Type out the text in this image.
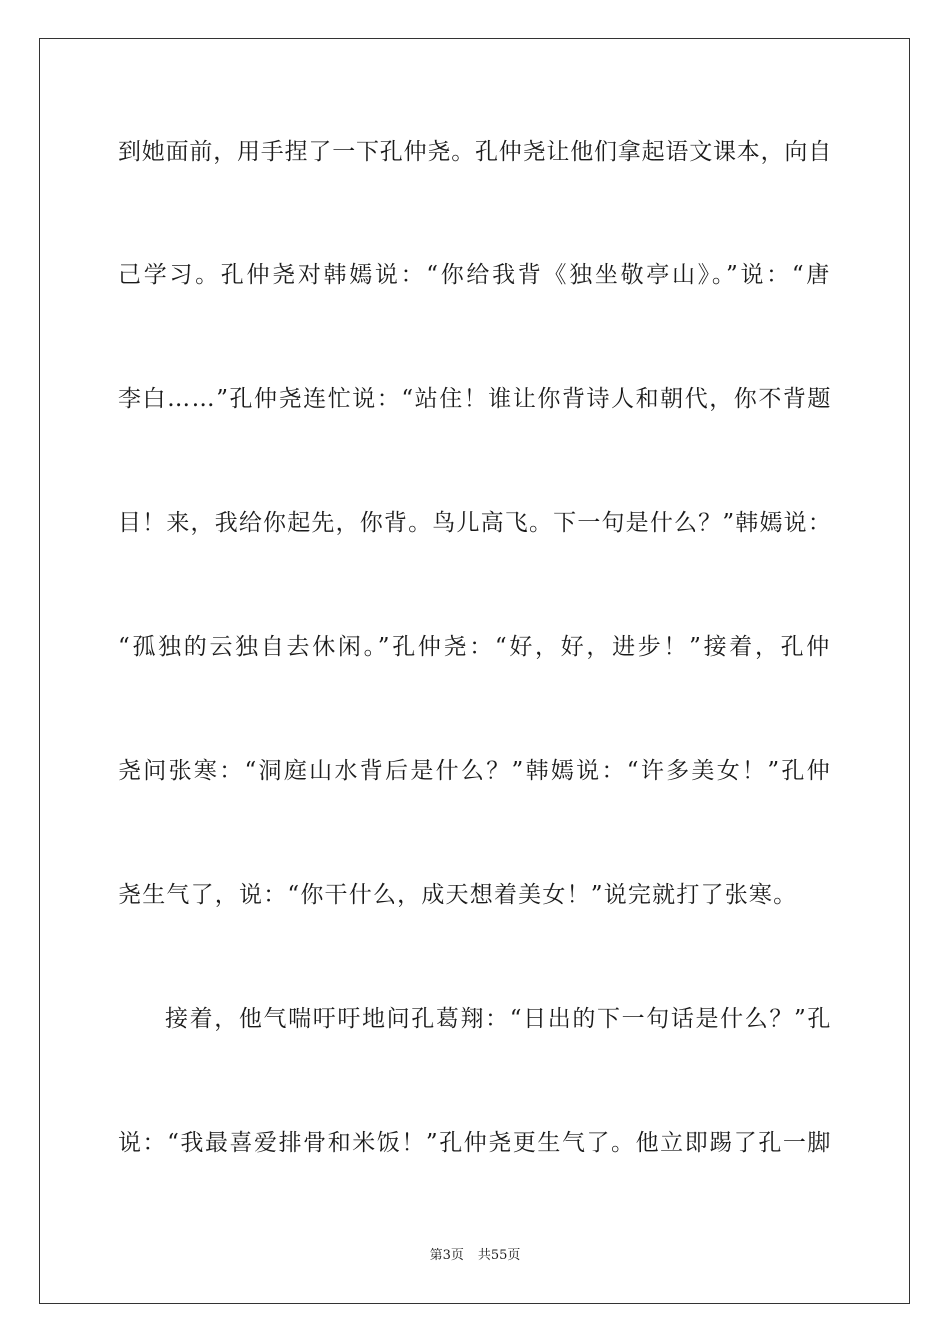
到她面前，用手捏了一下孔仲尧。孔仲尧让他们拿起语文课本，向自
己学习。孔仲尧对韩嫣说：“你给我背《独坐敬亭山》。”说：“唐
李白……”孔仲尧连忙说：“站住！谁让你背诗人和朝代，你不背题
目！来，我给你起先，你背。鸟儿高飞。下一句是什么？”韩嫣说：
“孤独的云独自去休闲。”孔仲尧：“好，好，进步！”接着，孔仲
尧问张寒：“洞庭山水背后是什么？”韩嫣说：“许多美女！”孔仲
尧生气了，说：“你干什么，成天想着美女！”说完就打了张寒。
接着，他气喘吁吁地问孔葛翔：“日出的下一句话是什么？”孔
说：“我最喜爱排骨和米饭！”孔仲尧更生气了。他立即踢了孔一脚
第3页 共55页
